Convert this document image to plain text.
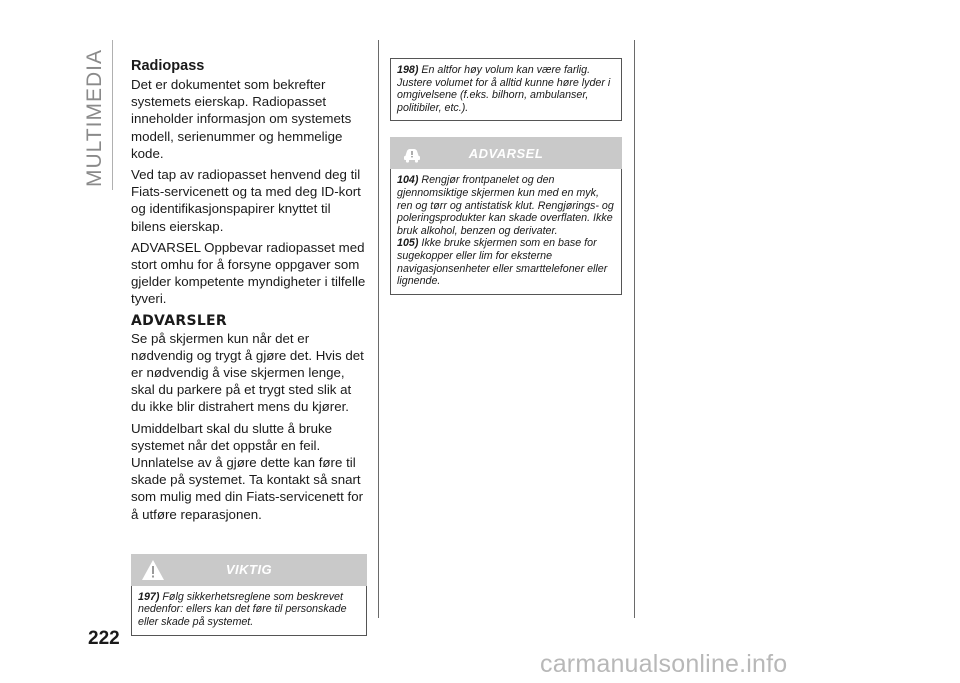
MULTIMEDIA Radiopass

Det er dokumentet som bekrefter systemets eierskap. Radiopasset inneholder informasjon om systemets modell, serienummer og hemmelige kode.

Ved tap av radiopasset henvend deg til Fiats-servicenett og ta med deg ID-kort og identifikasjonspapirer knyttet til bilens eierskap.

ADVARSEL Oppbevar radiopasset med stort omhu for å forsyne oppgaver som gjelder kompetente myndigheter i tilfelle tyveri.

ADVARSLER

Se på skjermen kun når det er nødvendig og trygt å gjøre det. Hvis det er nødvendig å vise skjermen lenge, skal du parkere på et trygt sted slik at du ikke blir distrahert mens du kjører.

Umiddelbart skal du slutte å bruke systemet når det oppstår en feil. Unnlatelse av å gjøre dette kan føre til skade på systemet. Ta kontakt så snart som mulig med din Fiats-servicenett for å utføre reparasjonen.

VIKTIG

197) Følg sikkerhetsreglene som beskrevet nedenfor: ellers kan det føre til personskade eller skade på systemet.

198) En altfor høy volum kan være farlig. Justere volumet for å alltid kunne høre lyder i omgivelsene (f.eks. bilhorn, ambulanser, politibiler, etc.).

ADVARSEL

104) Rengjør frontpanelet og den gjennomsiktige skjermen kun med en myk, ren og tørr og antistatisk klut. Rengjørings- og poleringsprodukter kan skade overflaten. Ikke bruk alkohol, benzen og derivater.

105) Ikke bruke skjermen som en base for sugekopper eller lim for eksterne navigasjonsenheter eller smarttelefoner eller lignende.

222
carmanualsonline.info
